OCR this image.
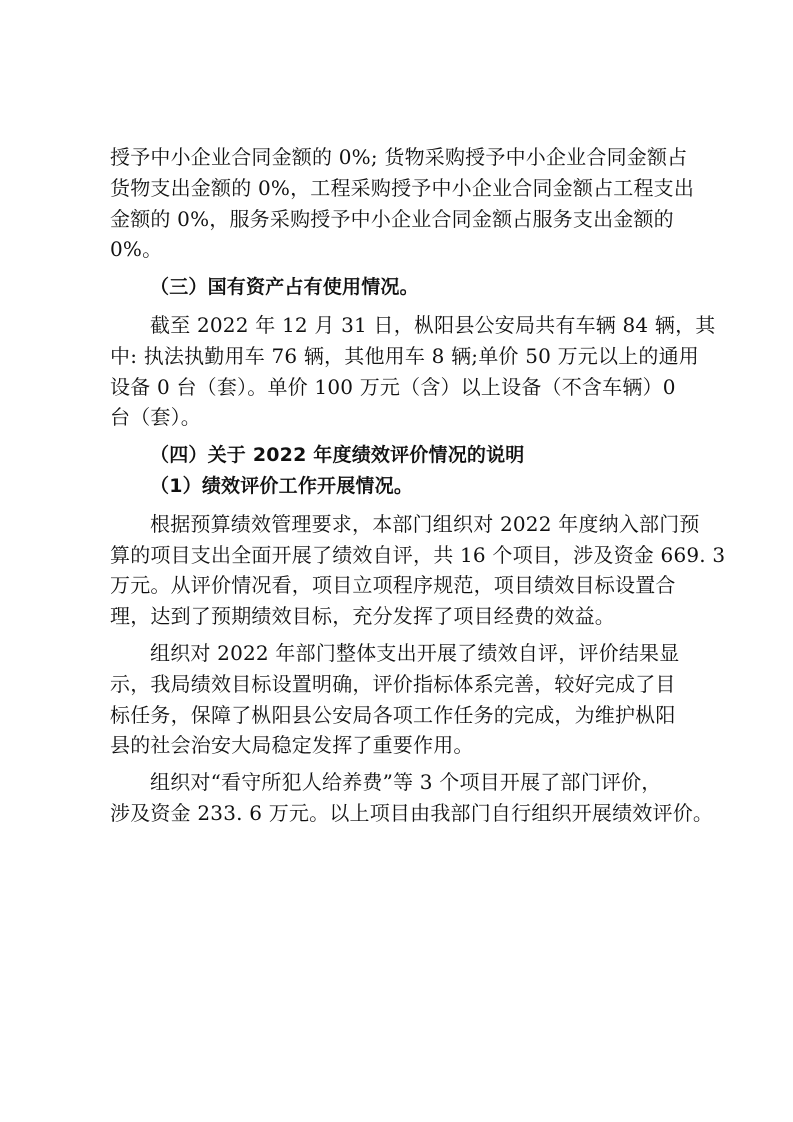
授予中小企业合同金额的 0%; 货物采购授予中小企业合同金额占

货物支出金额的 0%，工程采购授予中小企业合同金额占工程支出

金额的 0%，服务采购授予中小企业合同金额占服务支出金额的

0%。

（三）国有资产占有使用情况。

截至 2022 年 12 月 31 日，枞阳县公安局共有车辆 84 辆，其

中: 执法执勤用车 76 辆，其他用车 8 辆;单价 50 万元以上的通用

设备 0 台（套）。单价 100 万元（含）以上设备（不含车辆）0

台（套）。

（四）关于 2022 年度绩效评价情况的说明

（1）绩效评价工作开展情况。

根据预算绩效管理要求，本部门组织对 2022 年度纳入部门预

算的项目支出全面开展了绩效自评，共 16 个项目，涉及资金 669. 3

万元。从评价情况看，项目立项程序规范，项目绩效目标设置合

理，达到了预期绩效目标，充分发挥了项目经费的效益。

组织对 2022 年部门整体支出开展了绩效自评，评价结果显

示，我局绩效目标设置明确，评价指标体系完善，较好完成了目

标任务，保障了枞阳县公安局各项工作任务的完成，为维护枞阳

县的社会治安大局稳定发挥了重要作用。

组织对“看守所犯人给养费”等 3 个项目开展了部门评价，

涉及资金 233. 6 万元。以上项目由我部门自行组织开展绩效评价。
